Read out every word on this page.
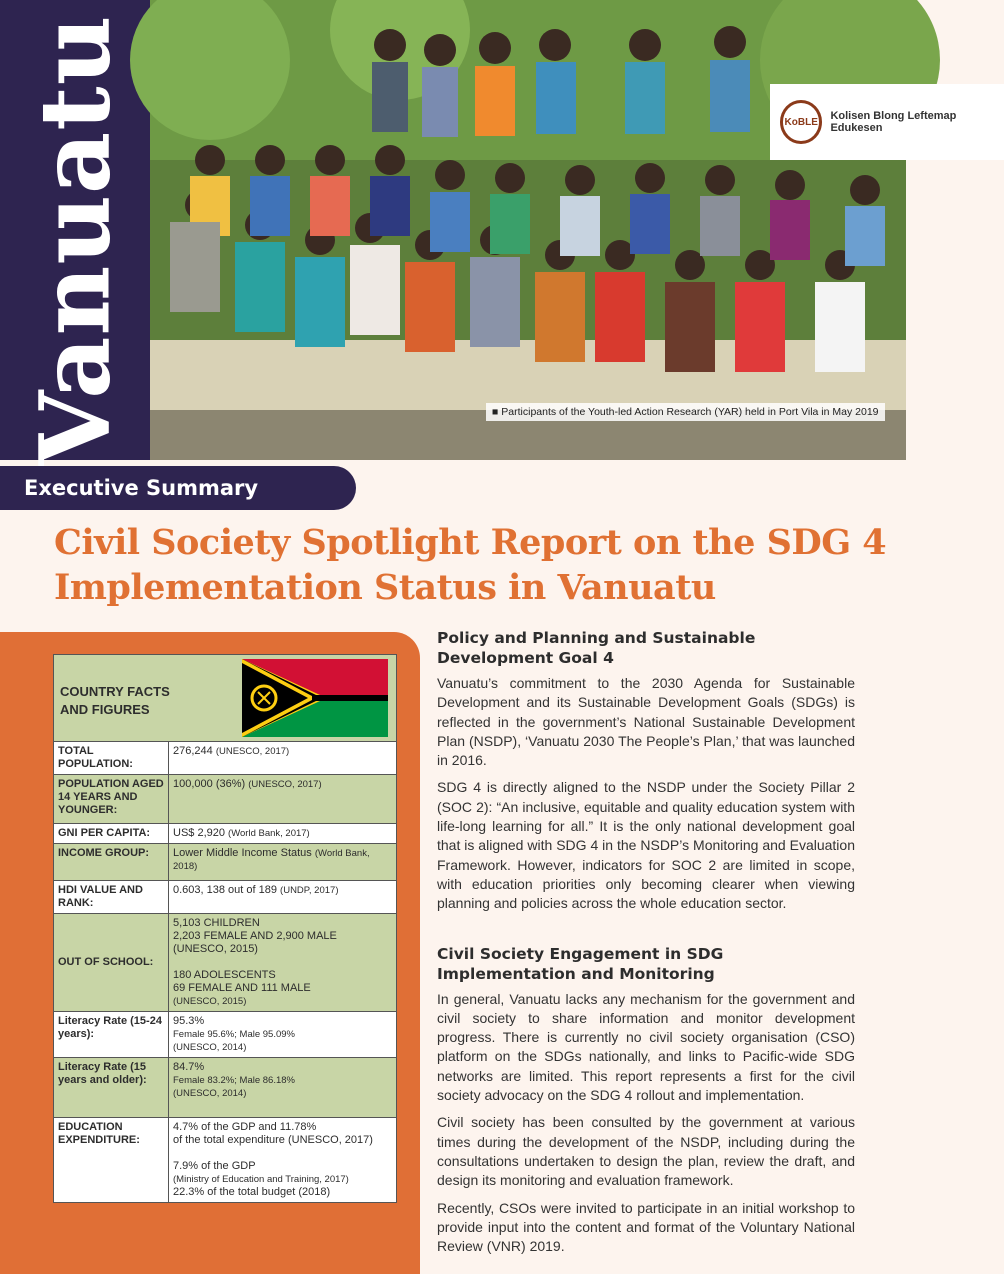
Vanuatu	KoBLE	Kolisen Blong Leftemap Edukesen
■ Participants of the Youth-led Action Research (YAR) held in Port Vila in May 2019
Executive Summary
Civil Society Spotlight Report on the SDG 4
Implementation Status in Vanuatu
COUNTRY FACTS AND FIGURES	

TOTAL POPULATION:	276,244 (UNESCO, 2017)
POPULATION AGED 14 YEARS AND YOUNGER:	100,000 (36%) (UNESCO, 2017)
GNI PER CAPITA:	US$ 2,920 (World Bank, 2017)
INCOME GROUP:	Lower Middle Income Status (World Bank, 2018)
HDI VALUE AND RANK:	0.603, 138 out of 189 (UNDP, 2017)
OUT OF SCHOOL:	5,103 CHILDREN
2,203 FEMALE AND 2,900 MALE (UNESCO, 2015)
180 ADOLESCENTS
69 FEMALE AND 111 MALE
(UNESCO, 2015)

Literacy Rate (15-24 years):	95.3%
Female 95.6%; Male 95.09%
(UNESCO, 2014)

Literacy Rate (15 years and older):	84.7%
Female 83.2%; Male 86.18%
(UNESCO, 2014)

EDUCATION EXPENDITURE:	4.7% of the GDP and 11.78%
of the total expenditure (UNESCO, 2017)
7.9% of the GDP
(Ministry of Education and Training, 2017)
22.3% of the total budget (2018)
Policy and Planning and Sustainable Development Goal 4

Vanuatu’s commitment to the 2030 Agenda for Sustainable Development and its Sustainable Development Goals (SDGs) is reflected in the government’s National Sustainable Development Plan (NSDP), ‘Vanuatu 2030 The People’s Plan,’ that was launched in 2016.

SDG 4 is directly aligned to the NSDP under the Society Pillar 2 (SOC 2): “An inclusive, equitable and quality education system with life-long learning for all.” It is the only national development goal that is aligned with SDG 4 in the NSDP’s Monitoring and Evaluation Framework. However, indicators for SOC 2 are limited in scope, with education priorities only becoming clearer when viewing planning and policies across the whole education sector.

Civil Society Engagement in SDG Implementation and Monitoring

In general, Vanuatu lacks any mechanism for the government and civil society to share information and monitor development progress. There is currently no civil society organisation (CSO) platform on the SDGs nationally, and links to Pacific-wide SDG networks are limited. This report represents a first for the civil society advocacy on the SDG 4 rollout and implementation.

Civil society has been consulted by the government at various times during the development of the NSDP, including during the consultations undertaken to design the plan, review the draft, and design its monitoring and evaluation framework.

Recently, CSOs were invited to participate in an initial workshop to provide input into the content and format of the Voluntary National Review (VNR) 2019.
